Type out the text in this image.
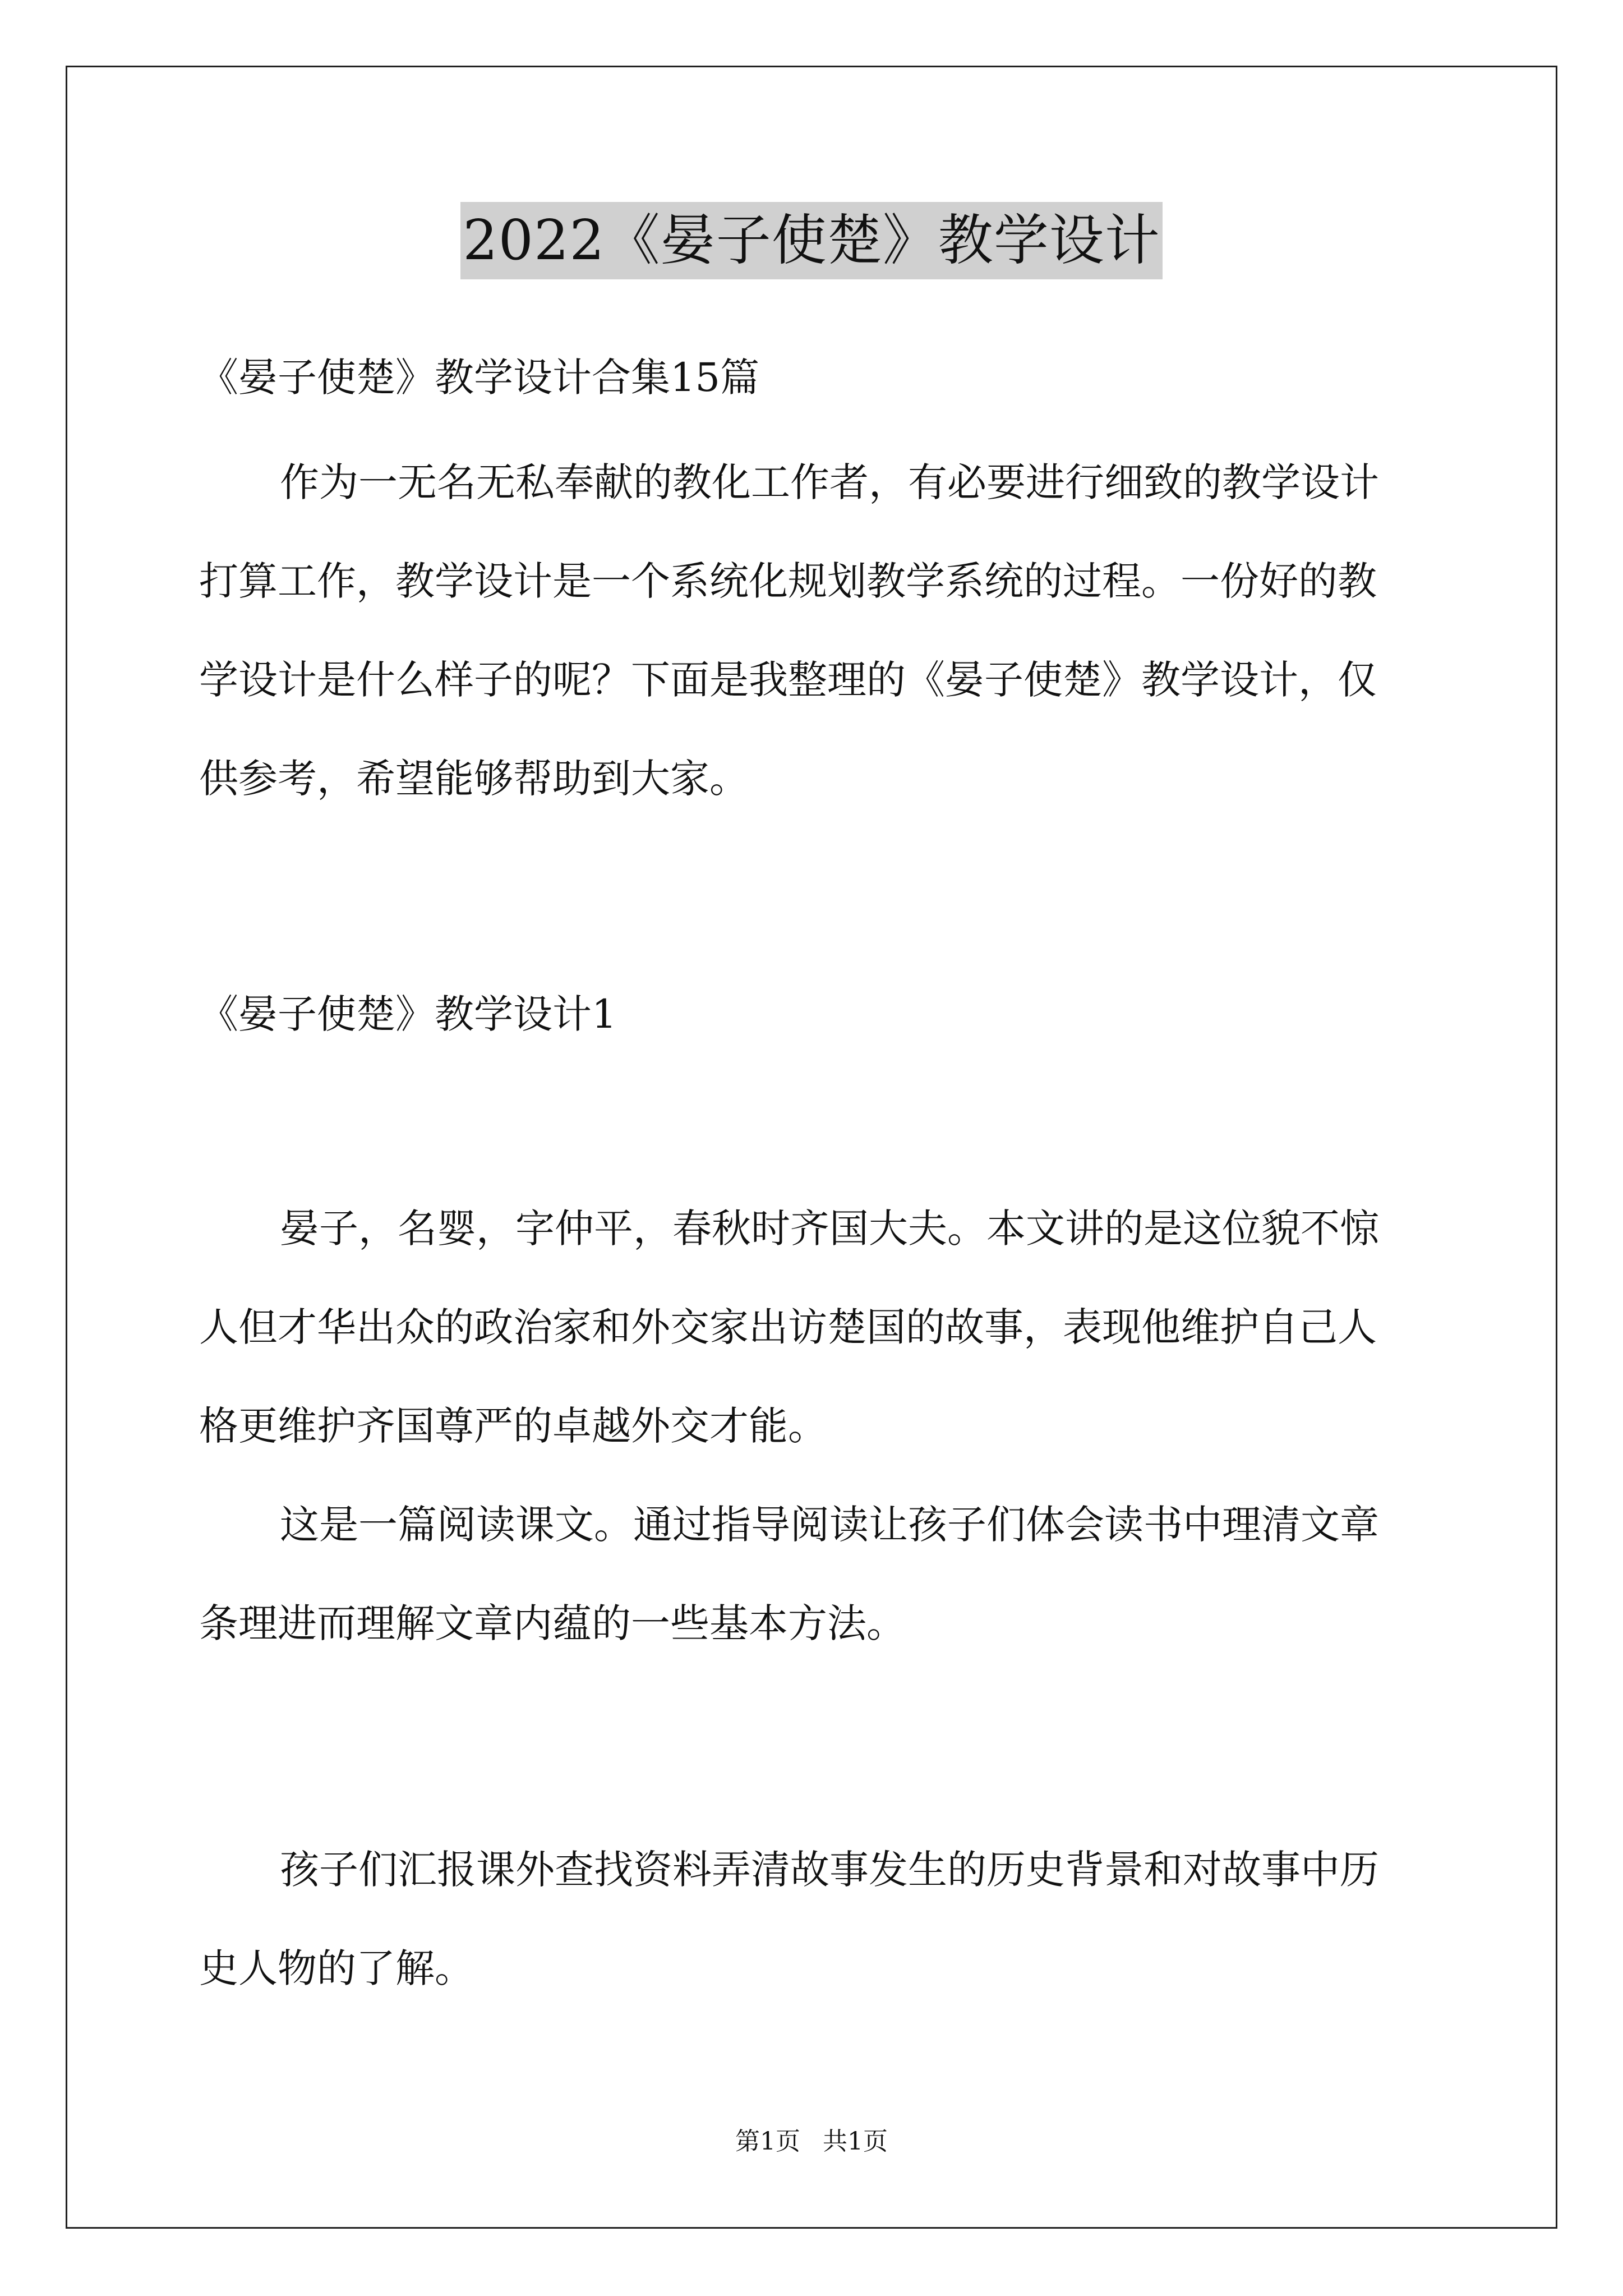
2022《晏子使楚》教学设计

《晏子使楚》教学设计合集15篇

作为一无名无私奉献的教化工作者，有必要进行细致的教学设计
打算工作，教学设计是一个系统化规划教学系统的过程。一份好的教
学设计是什么样子的呢？下面是我整理的《晏子使楚》教学设计，仅
供参考，希望能够帮助到大家。

《晏子使楚》教学设计1

晏子，名婴，字仲平，春秋时齐国大夫。本文讲的是这位貌不惊
人但才华出众的政治家和外交家出访楚国的故事，表现他维护自己人
格更维护齐国尊严的卓越外交才能。

这是一篇阅读课文。通过指导阅读让孩子们体会读书中理清文章
条理进而理解文章内蕴的一些基本方法。

孩子们汇报课外查找资料弄清故事发生的历史背景和对故事中历
史人物的了解。

第1页 共1页
